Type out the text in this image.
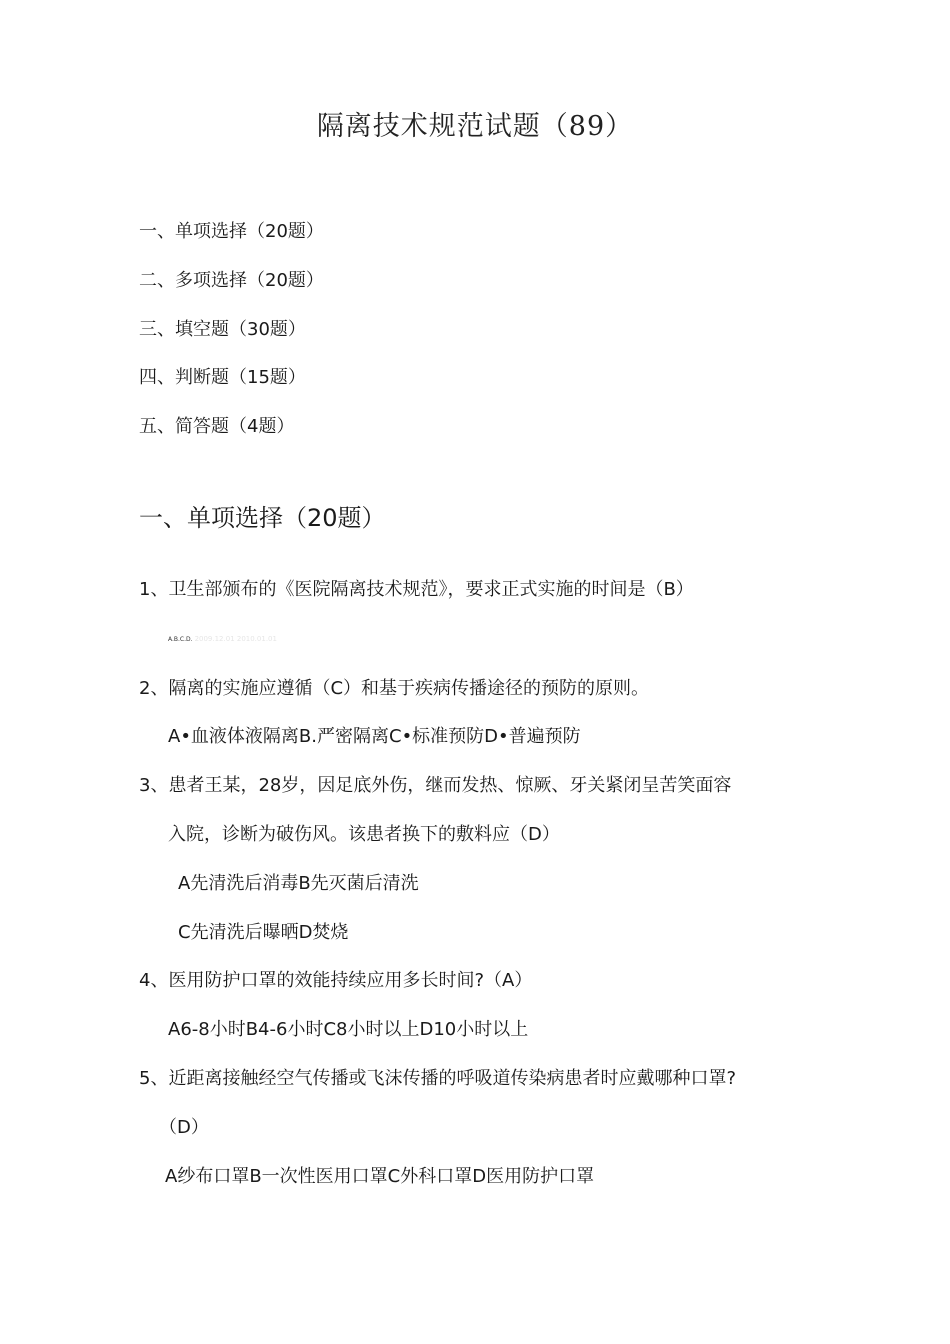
隔离技术规范试题（89）
一、单项选择（20题）
二、多项选择（20题）
三、填空题（30题）
四、判断题（15题）
五、简答题（4题）
一、单项选择（20题）
1、卫生部颁布的《医院隔离技术规范》，要求正式实施的时间是（B）
A.B.C.D. 2009.12.01 2010.01.01
2、隔离的实施应遵循（C）和基于疾病传播途径的预防的原则。
A•血液体液隔离B.严密隔离C•标准预防D•普遍预防
3、患者王某，28岁，因足底外伤，继而发热、惊厥、牙关紧闭呈苦笑面容
入院，诊断为破伤风。该患者换下的敷料应（D）
A先清洗后消毒B先灭菌后清洗
C先清洗后曝晒D焚烧
4、医用防护口罩的效能持续应用多长时间?（A）
A6-8小时B4-6小时C8小时以上D10小时以上
5、近距离接触经空气传播或飞沫传播的呼吸道传染病患者时应戴哪种口罩?
（D）
A纱布口罩B一次性医用口罩C外科口罩D医用防护口罩
